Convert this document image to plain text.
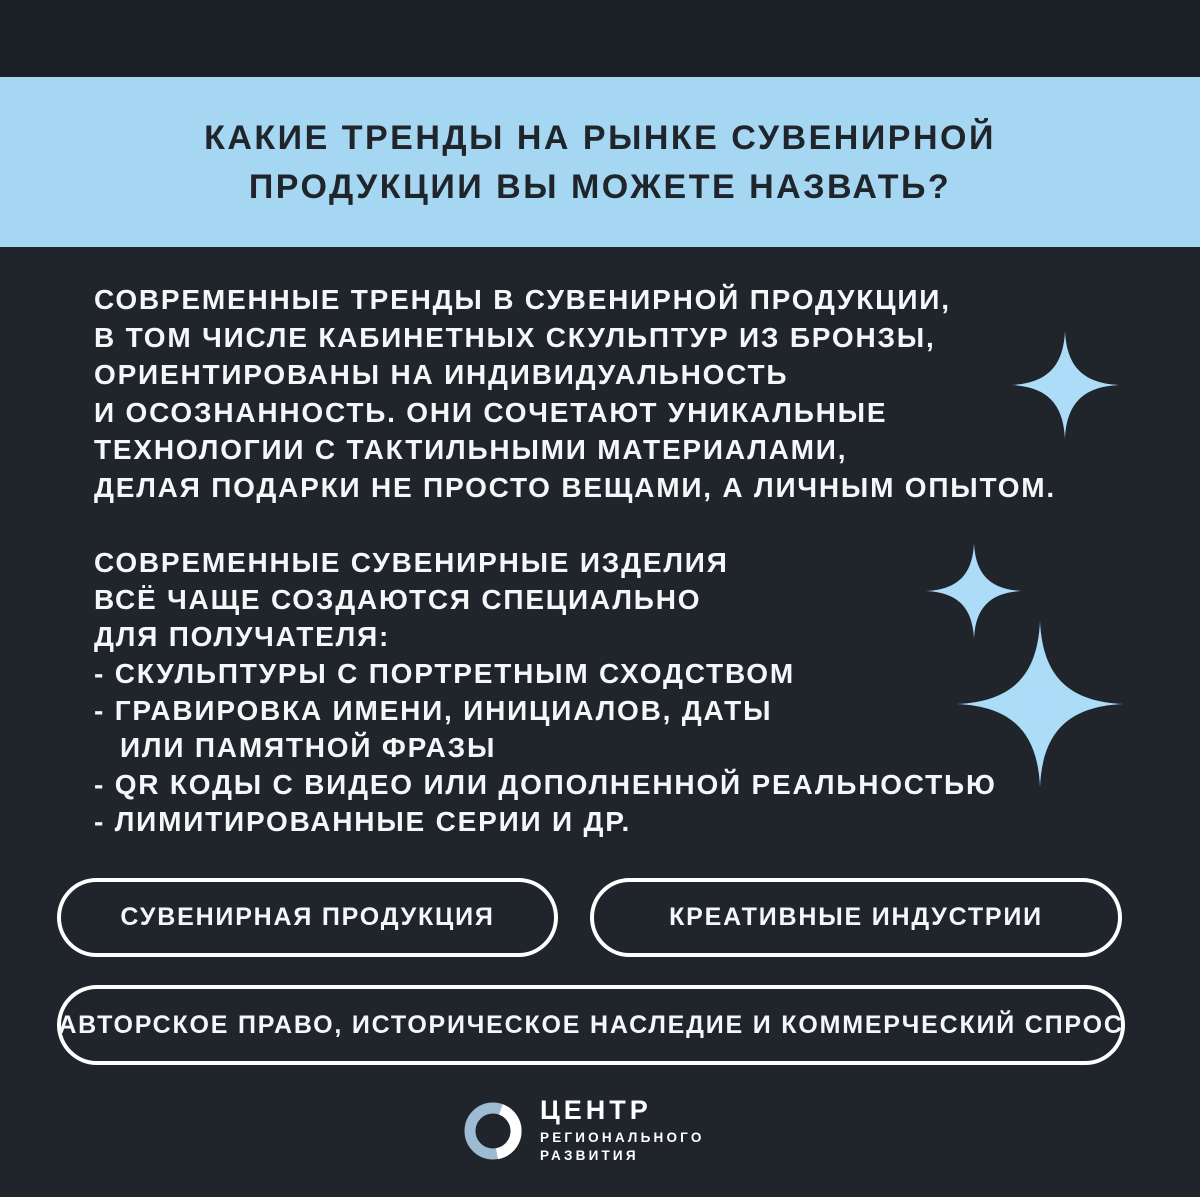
КАКИЕ ТРЕНДЫ НА РЫНКЕ СУВЕНИРНОЙ
ПРОДУКЦИИ ВЫ МОЖЕТЕ НАЗВАТЬ?
СОВРЕМЕННЫЕ ТРЕНДЫ В СУВЕНИРНОЙ ПРОДУКЦИИ,
В ТОМ ЧИСЛЕ КАБИНЕТНЫХ СКУЛЬПТУР ИЗ БРОНЗЫ,
ОРИЕНТИРОВАНЫ НА ИНДИВИДУАЛЬНОСТЬ
И ОСОЗНАННОСТЬ. ОНИ СОЧЕТАЮТ УНИКАЛЬНЫЕ
ТЕХНОЛОГИИ С ТАКТИЛЬНЫМИ МАТЕРИАЛАМИ,
ДЕЛАЯ ПОДАРКИ НЕ ПРОСТО ВЕЩАМИ, А ЛИЧНЫМ ОПЫТОМ.
СОВРЕМЕННЫЕ СУВЕНИРНЫЕ ИЗДЕЛИЯ
ВСЁ ЧАЩЕ СОЗДАЮТСЯ СПЕЦИАЛЬНО
ДЛЯ ПОЛУЧАТЕЛЯ:
- СКУЛЬПТУРЫ С ПОРТРЕТНЫМ СХОДСТВОМ
- ГРАВИРОВКА ИМЕНИ, ИНИЦИАЛОВ, ДАТЫ
ИЛИ ПАМЯТНОЙ ФРАЗЫ
- QR КОДЫ С ВИДЕО ИЛИ ДОПОЛНЕННОЙ РЕАЛЬНОСТЬЮ
- ЛИМИТИРОВАННЫЕ СЕРИИ И ДР.
СУВЕНИРНАЯ ПРОДУКЦИЯ	КРЕАТИВНЫЕ ИНДУСТРИИ
АВТОРСКОЕ ПРАВО, ИСТОРИЧЕСКОЕ НАСЛЕДИЕ И КОММЕРЧЕСКИЙ СПРОС
ЦЕНТР
РЕГИОНАЛЬНОГО
РАЗВИТИЯ
